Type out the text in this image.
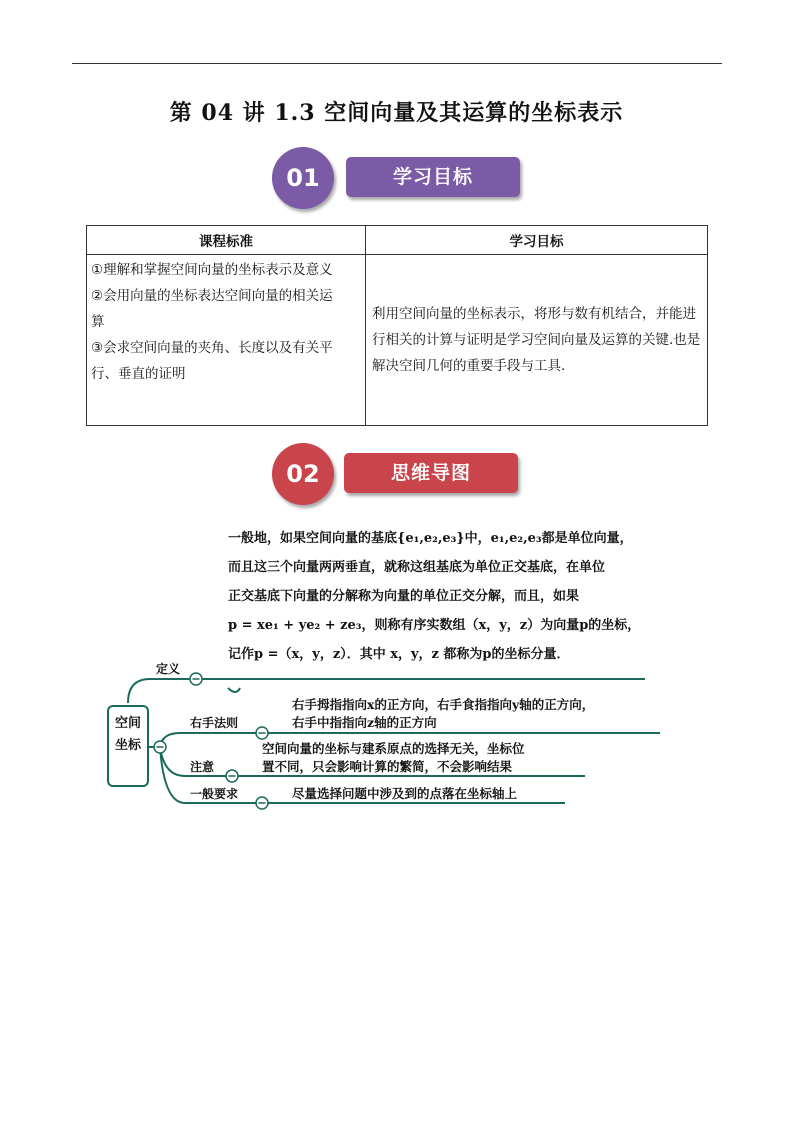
第 04 讲 1.3 空间向量及其运算的坐标表示
学习目标
01
课程标准	学习目标

①理解和掌握空间向量的坐标表示及意义
②会用向量的坐标表达空间向量的相关运
算
③会求空间向量的夹角、长度以及有关平
行、垂直的证明	利用空间向量的坐标表示，将形与数有机结合，并能进行相关的计算与证明是学习空间向量及运算的关键.也是解决空间几何的重要手段与工具.
思维导图
02

一般地，如果空间向量的基底{e₁,e₂,e₃}中，e₁,e₂,e₃都是单位向量，

而且这三个向量两两垂直，就称这组基底为单位正交基底，在单位

正交基底下向量的分解称为向量的单位正交分解，而且，如果

p = xe₁ + ye₂ + ze₃，则称有序实数组（x，y，z）为向量p的坐标，

记作p =（x，y，z）．其中 x，y，z 都称为p的坐标分量．

空间坐标
定义
右手法则
注意
一般要求
右手拇指指向x的正方向，右手食指指向y轴的正方向，
右手中指指向z轴的正方向
空间向量的坐标与建系原点的选择无关，坐标位
置不同，只会影响计算的繁简，不会影响结果
尽量选择问题中涉及到的点落在坐标轴上
